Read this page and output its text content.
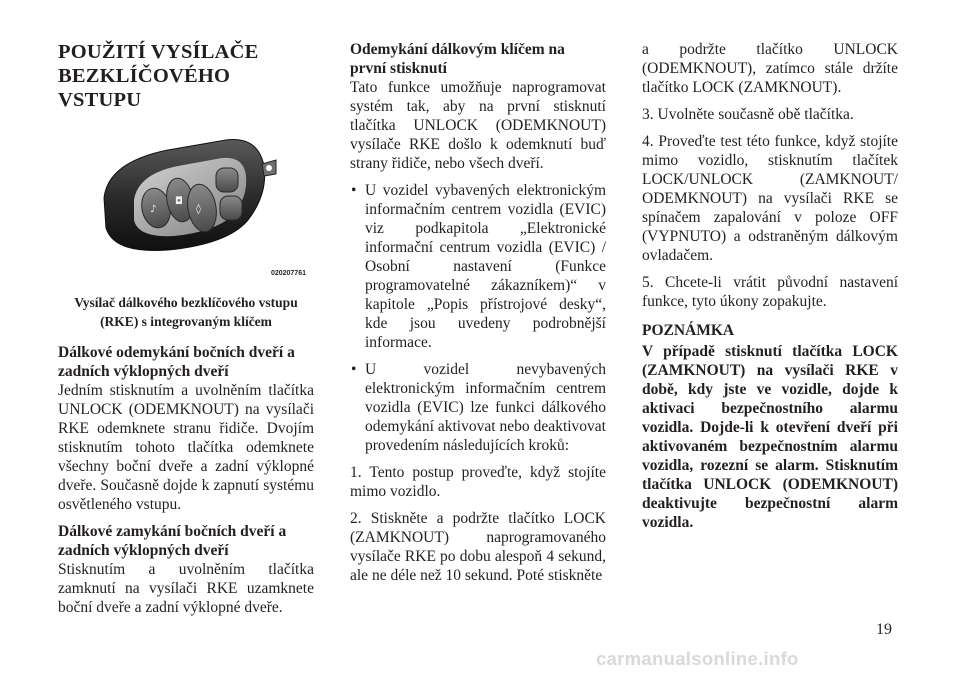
POUŽITÍ VYSÍLAČE
BEZKLÍČOVÉHO VSTUPU
♪
◘
◊
020207761
Vysílač dálkového bezklíčového vstupu
(RKE) s integrovaným klíčem
Dálkové odemykání bočních dveří a
zadních výklopných dveří

Jedním stisknutím a uvolněním tlačítka UNLOCK (ODEMKNOUT) na vysílači RKE odemknete stranu řidiče. Dvojím stisknutím tohoto tlačítka odemknete všechny boční dveře a zadní výklopné dveře. Současně dojde k zapnutí systému osvětleného vstupu.

Dálkové zamykání bočních dveří a
zadních výklopných dveří

Stisknutím a uvolněním tlačítka zamknutí na vysílači RKE uzamknete boční dveře a zadní výklopné dveře.

Odemykání dálkovým klíčem na
první stisknutí

Tato funkce umožňuje naprogramovat systém tak, aby na první stisknutí tlačítka UNLOCK (ODEMKNOUT) vysílače RKE došlo k odemknutí buď strany řidiče, nebo všech dveří.

• U vozidel vybavených elektronickým informačním centrem vozidla (EVIC) viz podkapitola „Elektronické informační centrum vozidla (EVIC) / Osobní nastavení (Funkce programovatelné zákazníkem)“ v kapitole „Popis přístrojové desky“, kde jsou uvedeny podrobnější informace.
• U vozidel nevybavených elektronickým informačním centrem vozidla (EVIC) lze funkci dálkového odemykání aktivovat nebo deaktivovat provedením následujících kroků:

1. Tento postup proveďte, když stojíte mimo vozidlo.

2. Stiskněte a podržte tlačítko LOCK (ZAMKNOUT) naprogramovaného vysílače RKE po dobu alespoň 4 sekund, ale ne déle než 10 sekund. Poté stiskněte

a podržte tlačítko UNLOCK (ODEMKNOUT), zatímco stále držíte tlačítko LOCK (ZAMKNOUT).

3. Uvolněte současně obě tlačítka.

4. Proveďte test této funkce, když stojíte mimo vozidlo, stisknutím tlačítek LOCK/UNLOCK (ZAMKNOUT/ ODEMKNOUT) na vysílači RKE se spínačem zapalování v poloze OFF (VYPNUTO) a odstraněným dálkovým ovladačem.

5. Chcete-li vrátit původní nastavení funkce, tyto úkony zopakujte.

POZNÁMKA

V případě stisknutí tlačítka LOCK (ZAMKNOUT) na vysílači RKE v době, kdy jste ve vozidle, dojde k aktivaci bezpečnostního alarmu vozidla. Dojde-li k otevření dveří při aktivovaném bezpečnostním alarmu vozidla, rozezní se alarm. Stisknutím tlačítka UNLOCK (ODEMKNOUT) deaktivujte bezpečnostní alarm vozidla.

19
carmanualsonline.info
